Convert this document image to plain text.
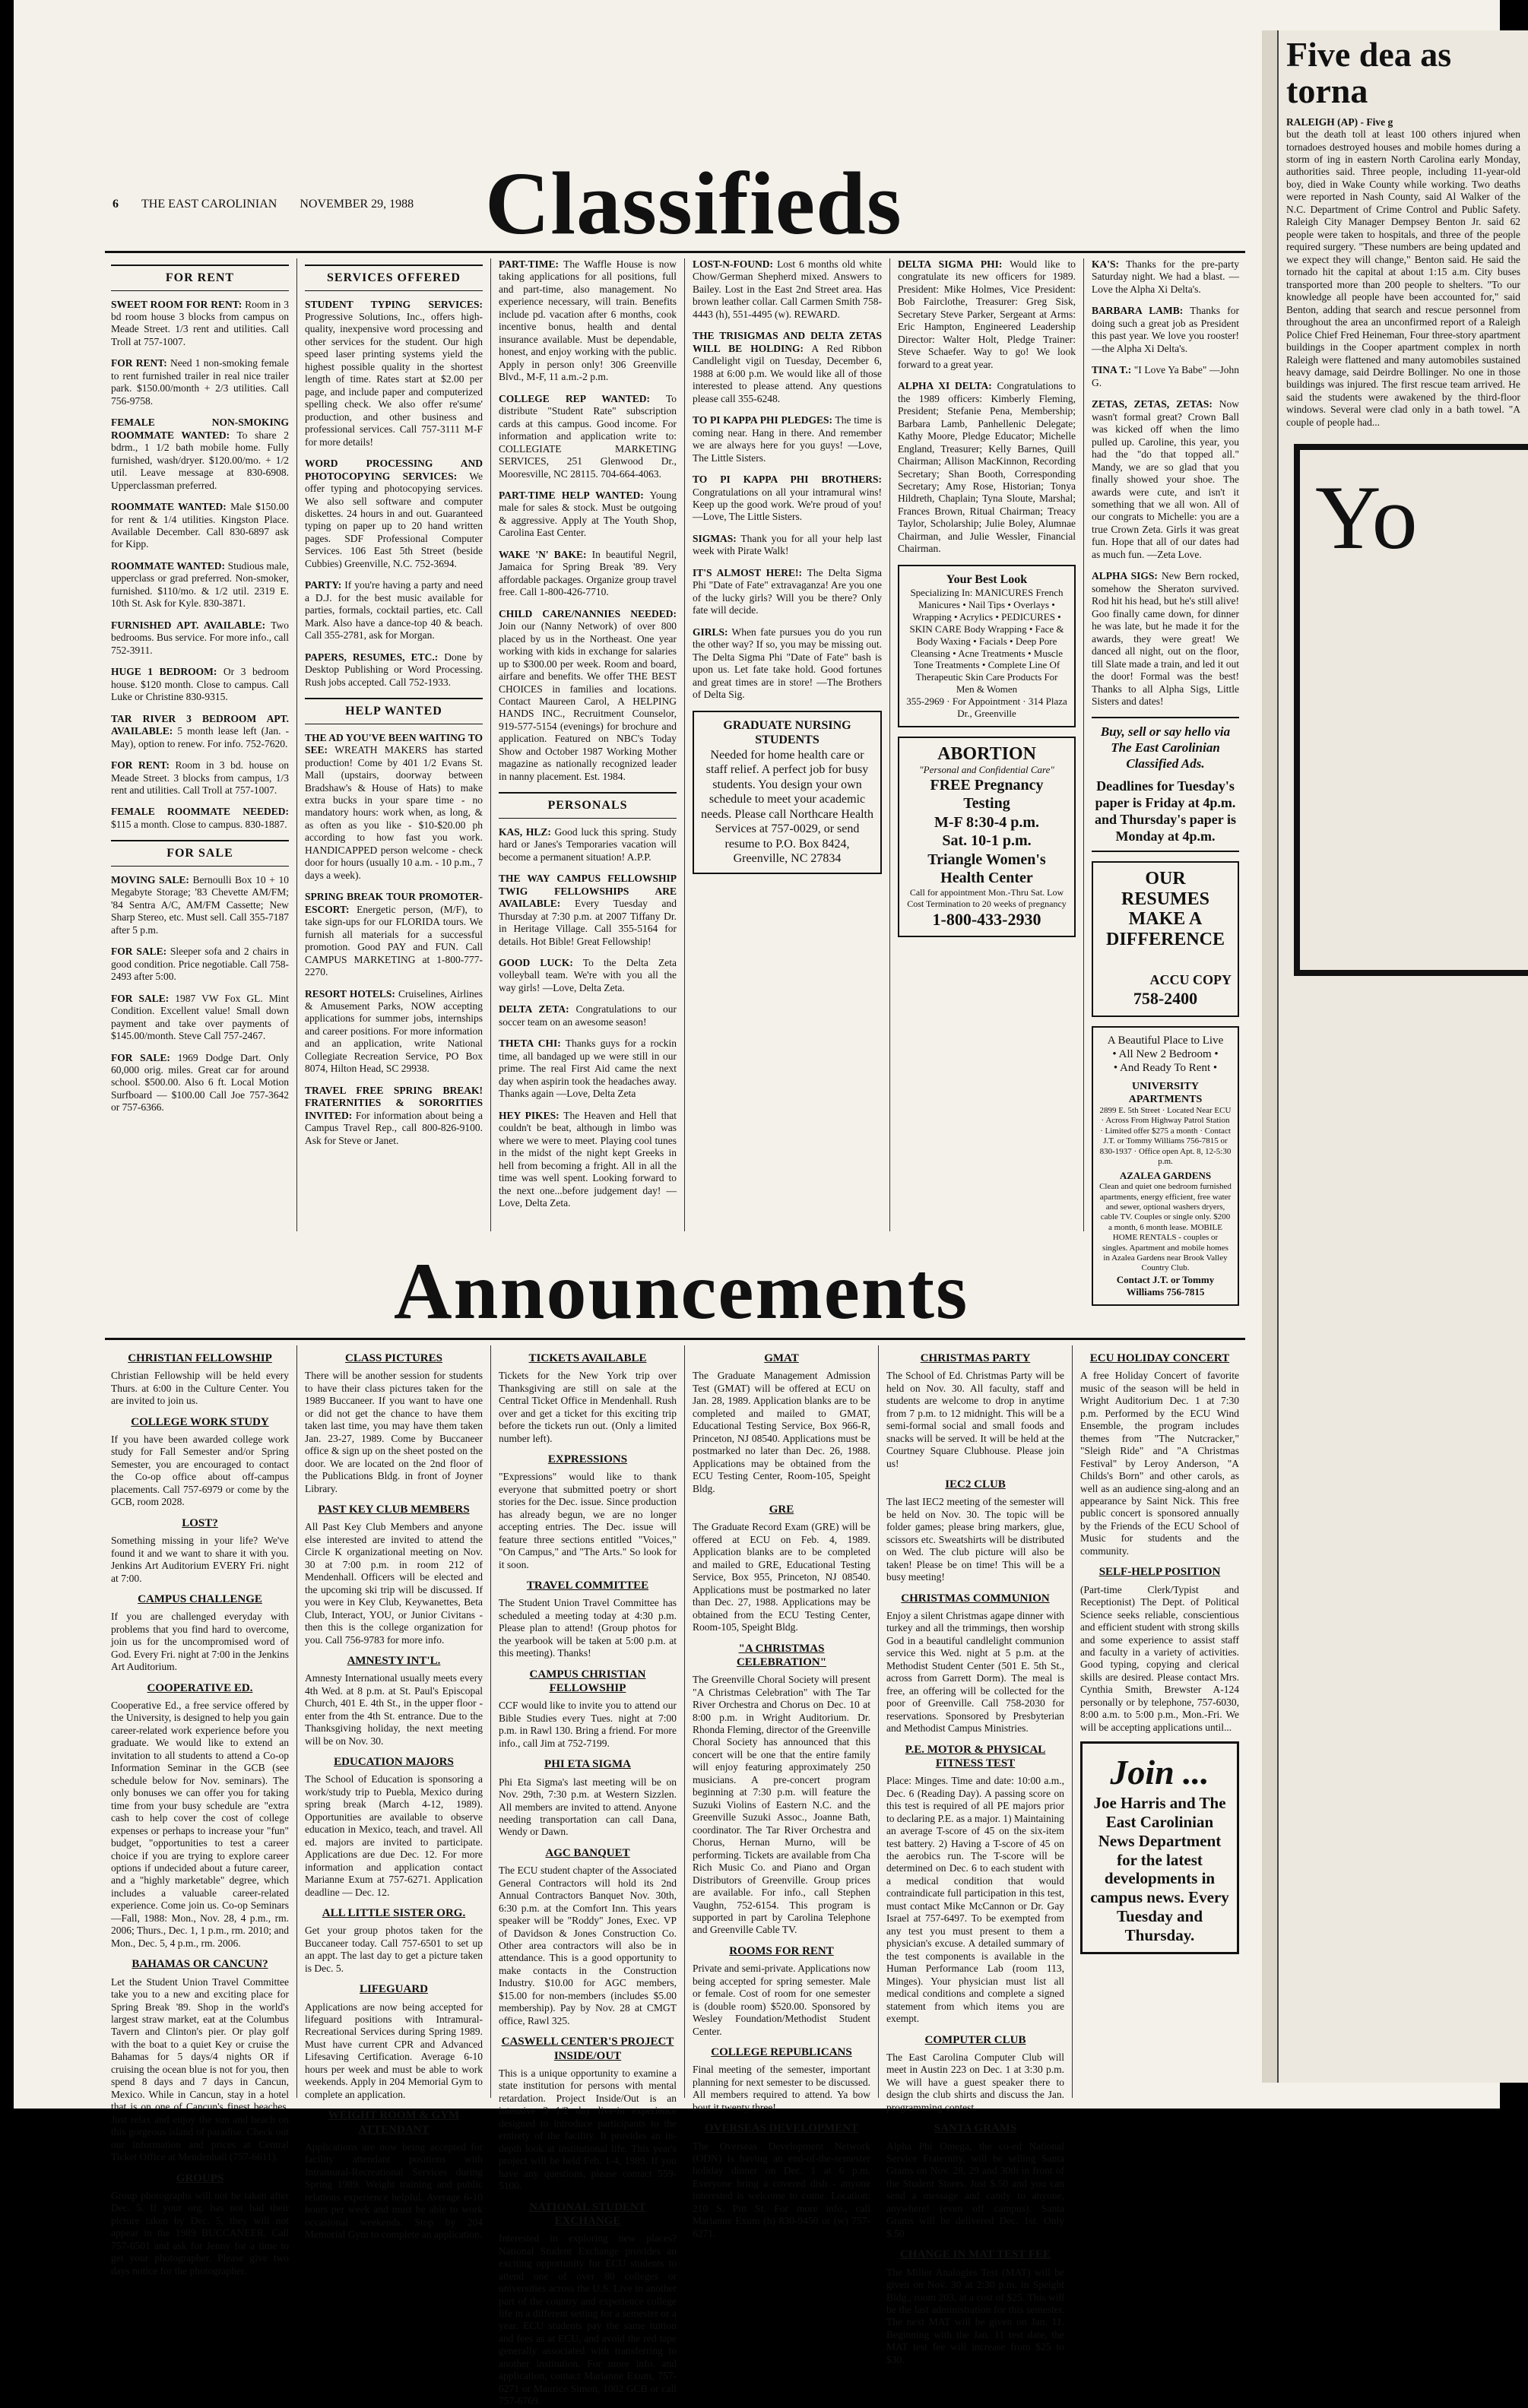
6 THE EAST CAROLINIAN NOVEMBER 29, 1988 Classifieds
FOR RENT
SWEET ROOM FOR RENT: Room in 3 bd room house 3 blocks from campus on Meade Street. 1/3 rent and utilities. Call Troll at 757-1007.
FOR RENT: Need 1 non-smoking female to rent furnished trailer in real nice trailer park. $150.00/month + 2/3 utilities. Call 756-9758.
FEMALE NON-SMOKING ROOMMATE WANTED: To share 2 bdrm., 1 1/2 bath mobile home. Fully furnished, wash/dryer. $120.00/mo. + 1/2 util. Leave message at 830-6908. Upperclassman preferred.
ROOMMATE WANTED: Male $150.00 for rent & 1/4 utilities. Kingston Place. Available December. Call 830-6897 ask for Kipp.
ROOMMATE WANTED: Studious male, upperclass or grad preferred. Non-smoker, furnished. $110/mo. & 1/2 util. 2319 E. 10th St. Ask for Kyle. 830-3871.
FURNISHED APT. AVAILABLE: Two bedrooms. Bus service. For more info., call 752-3911.
HUGE 1 BEDROOM: Or 3 bedroom house. $120 month. Close to campus. Call Luke or Christine 830-9315.
TAR RIVER 3 BEDROOM APT. AVAILABLE: 5 month lease left (Jan. - May), option to renew. For info. 752-7620.
FOR RENT: Room in 3 bd. house on Meade Street. 3 blocks from campus, 1/3 rent and utilities. Call Troll at 757-1007.
FEMALE ROOMMATE NEEDED: $115 a month. Close to campus. 830-1887.
FOR SALE
MOVING SALE: Bernoulli Box 10 + 10 Megabyte Storage; '83 Chevette AM/FM; '84 Sentra A/C, AM/FM Cassette; New Sharp Stereo, etc. Must sell. Call 355-7187 after 5 p.m.
FOR SALE: Sleeper sofa and 2 chairs in good condition. Price negotiable. Call 758-2493 after 5:00.
FOR SALE: 1987 VW Fox GL. Mint Condition. Excellent value! Small down payment and take over payments of $145.00/month. Steve Call 757-2467.
FOR SALE: 1969 Dodge Dart. Only 60,000 orig. miles. Great car for around school. $500.00. Also 6 ft. Local Motion Surfboard — $100.00 Call Joe 757-3642 or 757-6366.
SERVICES OFFERED
STUDENT TYPING SERVICES: Progressive Solutions, Inc., offers high-quality, inexpensive word processing and other services for the student. Our high speed laser printing systems yield the highest possible quality in the shortest length of time. Rates start at $2.00 per page, and include paper and computerized spelling check. We also offer re'sume' production, and other business and professional services. Call 757-3111 M-F for more details!
WORD PROCESSING AND PHOTOCOPYING SERVICES: We offer typing and photocopying services. We also sell software and computer diskettes. 24 hours in and out. Guaranteed typing on paper up to 20 hand written pages. SDF Professional Computer Services. 106 East 5th Street (beside Cubbies) Greenville, N.C. 752-3694.
PARTY: If you're having a party and need a D.J. for the best music available for parties, formals, cocktail parties, etc. Call Mark. Also have a dance-top 40 & beach. Call 355-2781, ask for Morgan.
PAPERS, RESUMES, ETC.: Done by Desktop Publishing or Word Processing. Rush jobs accepted. Call 752-1933.
HELP WANTED
THE AD YOU'VE BEEN WAITING TO SEE: WREATH MAKERS has started production! Come by 401 1/2 Evans St. Mall (upstairs, doorway between Bradshaw's & House of Hats) to make extra bucks in your spare time - no mandatory hours: work when, as long, & as often as you like - $10-$20.00 ph according to how fast you work. HANDICAPPED person welcome - check door for hours (usually 10 a.m. - 10 p.m., 7 days a week).
SPRING BREAK TOUR PROMOTER-ESCORT: Energetic person, (M/F), to take sign-ups for our FLORIDA tours. We furnish all materials for a successful promotion. Good PAY and FUN. Call CAMPUS MARKETING at 1-800-777-2270.
RESORT HOTELS: Cruiselines, Airlines & Amusement Parks, NOW accepting applications for summer jobs, internships and career positions. For more information and an application, write National Collegiate Recreation Service, PO Box 8074, Hilton Head, SC 29938.
TRAVEL FREE SPRING BREAK! FRATERNITIES & SORORITIES INVITED: For information about being a Campus Travel Rep., call 800-826-9100. Ask for Steve or Janet.
PART-TIME: The Waffle House is now taking applications for all positions, full and part-time, also management. No experience necessary, will train. Benefits include pd. vacation after 6 months, cook incentive bonus, health and dental insurance available. Must be dependable, honest, and enjoy working with the public. Apply in person only! 306 Greenville Blvd., M-F, 11 a.m.-2 p.m.
COLLEGE REP WANTED: To distribute "Student Rate" subscription cards at this campus. Good income. For information and application write to: COLLEGIATE MARKETING SERVICES, 251 Glenwood Dr., Mooresville, NC 28115. 704-664-4063.
PART-TIME HELP WANTED: Young male for sales & stock. Must be outgoing & aggressive. Apply at The Youth Shop, Carolina East Center.
WAKE 'N' BAKE: In beautiful Negril, Jamaica for Spring Break '89. Very affordable packages. Organize group travel free. Call 1-800-426-7710.
CHILD CARE/NANNIES NEEDED: Join our (Nanny Network) of over 800 placed by us in the Northeast. One year working with kids in exchange for salaries up to $300.00 per week. Room and board, airfare and benefits. We offer THE BEST CHOICES in families and locations. Contact Maureen Carol, A HELPING HANDS INC., Recruitment Counselor, 919-577-5154 (evenings) for brochure and application. Featured on NBC's Today Show and October 1987 Working Mother magazine as nationally recognized leader in nanny placement. Est. 1984.
PERSONALS
KAS, HLZ: Good luck this spring. Study hard or Janes's Temporaries vacation will become a permanent situation! A.P.P.
THE WAY CAMPUS FELLOWSHIP TWIG FELLOWSHIPS ARE AVAILABLE: Every Tuesday and Thursday at 7:30 p.m. at 2007 Tiffany Dr. in Heritage Village. Call 355-5164 for details. Hot Bible! Great Fellowship!
GOOD LUCK: To the Delta Zeta volleyball team. We're with you all the way girls! —Love, Delta Zeta.
DELTA ZETA: Congratulations to our soccer team on an awesome season!
THETA CHI: Thanks guys for a rockin time, all bandaged up we were still in our prime. The real First Aid came the next day when aspirin took the headaches away. Thanks again —Love, Delta Zeta
HEY PIKES: The Heaven and Hell that couldn't be beat, although in limbo was where we were to meet. Playing cool tunes in the midst of the night kept Greeks in hell from becoming a fright. All in all the time was well spent. Looking forward to the next one...before judgement day! —Love, Delta Zeta.
LOST-N-FOUND: Lost 6 months old white Chow/German Shepherd mixed. Answers to Bailey. Lost in the East 2nd Street area. Has brown leather collar. Call Carmen Smith 758-4443 (h), 551-4495 (w). REWARD.
THE TRISIGMAS AND DELTA ZETAS WILL BE HOLDING: A Red Ribbon Candlelight vigil on Tuesday, December 6, 1988 at 6:00 p.m. We would like all of those interested to please attend. Any questions please call 355-6248.
TO PI KAPPA PHI PLEDGES: The time is coming near. Hang in there. And remember we are always here for you guys! —Love, The Little Sisters.
TO PI KAPPA PHI BROTHERS: Congratulations on all your intramural wins! Keep up the good work. We're proud of you! —Love, The Little Sisters.
SIGMAS: Thank you for all your help last week with Pirate Walk!
IT'S ALMOST HERE!: The Delta Sigma Phi "Date of Fate" extravaganza! Are you one of the lucky girls? Will you be there? Only fate will decide.
GIRLS: When fate pursues you do you run the other way? If so, you may be missing out. The Delta Sigma Phi "Date of Fate" bash is upon us. Let fate take hold. Good fortunes and great times are in store! —The Brothers of Delta Sig.
GRADUATE NURSING STUDENTS
Needed for home health care or staff relief. A perfect job for busy students. You design your own schedule to meet your academic needs. Please call Northcare Health Services at 757-0029, or send resume to P.O. Box 8424, Greenville, NC 27834
DELTA SIGMA PHI: Would like to congratulate its new officers for 1989. President: Mike Holmes, Vice President: Bob Fairclothe, Treasurer: Greg Sisk, Secretary Steve Parker, Sergeant at Arms: Eric Hampton, Engineered Leadership Director: Walter Holt, Pledge Trainer: Steve Schaefer. Way to go! We look forward to a great year.
ALPHA XI DELTA: Congratulations to the 1989 officers: Kimberly Fleming, President; Stefanie Pena, Membership; Barbara Lamb, Panhellenic Delegate; Kathy Moore, Pledge Educator; Michelle England, Treasurer; Kelly Barnes, Quill Chairman; Allison MacKinnon, Recording Secretary; Shan Booth, Corresponding Secretary; Amy Rose, Historian; Tonya Hildreth, Chaplain; Tyna Sloute, Marshal; Frances Brown, Ritual Chairman; Treacy Taylor, Scholarship; Julie Boley, Alumnae Chairman, and Julie Wessler, Financial Chairman.
Your Best Look
Specializing In: MANICURES French Manicures • Nail Tips • Overlays • Wrapping • Acrylics • PEDICURES • SKIN CARE Body Wrapping • Face & Body Waxing • Facials • Deep Pore Cleansing • Acne Treatments • Muscle Tone Treatments • Complete Line Of Therapeutic Skin Care Products For Men & Women
355-2969 · For Appointment · 314 Plaza Dr., Greenville
ABORTION
"Personal and Confidential Care"
FREE Pregnancy Testing
M-F 8:30-4 p.m.
Sat. 10-1 p.m.
Triangle Women's Health Center
Call for appointment Mon.-Thru Sat. Low Cost Termination to 20 weeks of pregnancy
1-800-433-2930
KA'S: Thanks for the pre-party Saturday night. We had a blast. —Love the Alpha Xi Delta's.
BARBARA LAMB: Thanks for doing such a great job as President this past year. We love you rooster! —the Alpha Xi Delta's.
TINA T.: "I Love Ya Babe" —John G.
ZETAS, ZETAS, ZETAS: Now wasn't formal great? Crown Ball was kicked off when the limo pulled up. Caroline, this year, you had the "do that topped all." Mandy, we are so glad that you finally showed your shoe. The awards were cute, and isn't it something that we all won. All of our congrats to Michelle: you are a true Crown Zeta. Girls it was great fun. Hope that all of our dates had as much fun. —Zeta Love.
ALPHA SIGS: New Bern rocked, somehow the Sheraton survived. Rod hit his head, but he's still alive! Goo finally came down, for dinner he was late, but he made it for the awards, they were great! We danced all night, out on the floor, till Slate made a train, and led it out the door! Formal was the best! Thanks to all Alpha Sigs, Little Sisters and dates!
Buy, sell or say hello via The East Carolinian Classified Ads.
Deadlines for Tuesday's paper is Friday at 4p.m. and Thursday's paper is Monday at 4p.m.
OUR RESUMES
MAKE A
DIFFERENCE
ACCU COPY
758-2400
A Beautiful Place to Live
• All New 2 Bedroom •
• And Ready To Rent •
UNIVERSITY APARTMENTS
2899 E. 5th Street · Located Near ECU · Across From Highway Patrol Station · Limited offer $275 a month · Contact J.T. or Tommy Williams 756-7815 or 830-1937 · Office open Apt. 8, 12-5:30 p.m.
AZALEA GARDENS
Clean and quiet one bedroom furnished apartments, energy efficient, free water and sewer, optional washers dryers, cable TV. Couples or single only. $200 a month, 6 month lease. MOBILE HOME RENTALS - couples or singles. Apartment and mobile homes in Azalea Gardens near Brook Valley Country Club.
Contact J.T. or Tommy Williams 756-7815
Announcements
CHRISTIAN FELLOWSHIP
Christian Fellowship will be held every Thurs. at 6:00 in the Culture Center. You are invited to join us.
COLLEGE WORK STUDY
If you have been awarded college work study for Fall Semester and/or Spring Semester, you are encouraged to contact the Co-op office about off-campus placements. Call 757-6979 or come by the GCB, room 2028.
LOST?
Something missing in your life? We've found it and we want to share it with you. Jenkins Art Auditorium EVERY Fri. night at 7:00.
CAMPUS CHALLENGE
If you are challenged everyday with problems that you find hard to overcome, join us for the uncompromised word of God. Every Fri. night at 7:00 in the Jenkins Art Auditorium.
COOPERATIVE ED.
Cooperative Ed., a free service offered by the University, is designed to help you gain career-related work experience before you graduate. We would like to extend an invitation to all students to attend a Co-op Information Seminar in the GCB (see schedule below for Nov. seminars). The only bonuses we can offer you for taking time from your busy schedule are "extra cash to help cover the cost of college expenses or perhaps to increase your "fun" budget, "opportunities to test a career choice if you are trying to explore career options if undecided about a future career, and a "highly marketable" degree, which includes a valuable career-related experience. Come join us. Co-op Seminars—Fall, 1988: Mon., Nov. 28, 4 p.m., rm. 2006; Thurs., Dec. 1, 1 p.m., rm. 2010; and Mon., Dec. 5, 4 p.m., rm. 2006.
BAHAMAS OR CANCUN?
Let the Student Union Travel Committee take you to a new and exciting place for Spring Break '89. Shop in the world's largest straw market, eat at the Columbus Tavern and Clinton's pier. Or play golf with the boat to a quiet Key or cruise the Bahamas for 5 days/4 nights OR if cruising the ocean blue is not for you, then spend 8 days and 7 days in Cancun, Mexico. While in Cancun, stay in a hotel that is on one of Cancun's finest beaches. Just relax and enjoy the sun and beach on this gorgeous island of paradise. Check out our information and prices at Central Ticket Office at Mendenhall (757-6611).
GROUPS
Group photographs will not be taken after Dec. 5. If your org. has not had their picture taken by Dec. 5, they will not appear in the 1989 BUCCANEER. Call 757-6501 and ask for Jenny for a time to get your photographer. Please give two days notice for the photographer.
CLASS PICTURES
There will be another session for students to have their class pictures taken for the 1989 Buccaneer. If you want to have one or did not get the chance to have them taken last time, you may have them taken Jan. 23-27, 1989. Come by Buccaneer office & sign up on the sheet posted on the door. We are located on the 2nd floor of the Publications Bldg. in front of Joyner Library.
PAST KEY CLUB MEMBERS
All Past Key Club Members and anyone else interested are invited to attend the Circle K organizational meeting on Nov. 30 at 7:00 p.m. in room 212 of Mendenhall. Officers will be elected and the upcoming ski trip will be discussed. If you were in Key Club, Keywanettes, Beta Club, Interact, YOU, or Junior Civitans - then this is the college organization for you. Call 756-9783 for more info.
AMNESTY INT'L.
Amnesty International usually meets every 4th Wed. at 8 p.m. at St. Paul's Episcopal Church, 401 E. 4th St., in the upper floor - enter from the 4th St. entrance. Due to the Thanksgiving holiday, the next meeting will be on Nov. 30.
EDUCATION MAJORS
The School of Education is sponsoring a work/study trip to Puebla, Mexico during spring break (March 4-12, 1989). Opportunities are available to observe education in Mexico, teach, and travel. All ed. majors are invited to participate. Applications are due Dec. 12. For more information and application contact Marianne Exum at 757-6271. Application deadline — Dec. 12.
ALL LITTLE SISTER ORG.
Get your group photos taken for the Buccaneer today. Call 757-6501 to set up an appt. The last day to get a picture taken is Dec. 5.
LIFEGUARD
Applications are now being accepted for lifeguard positions with Intramural-Recreational Services during Spring 1989. Must have current CPR and Advanced Lifesaving Certification. Average 6-10 hours per week and must be able to work weekends. Apply in 204 Memorial Gym to complete an application.
WEIGHT ROOM & GYM ATTENDANT
Applications are now being accepted for facility attendant positions with Intramural-Recreational Services during Spring 1989. Weight training and public relations experience helpful. Average 6-10 hours per week and must be able to work occasional weekends. Stop by 204 Memorial Gym to complete an application.
TICKETS AVAILABLE
Tickets for the New York trip over Thanksgiving are still on sale at the Central Ticket Office in Mendenhall. Rush over and get a ticket for this exciting trip before the tickets run out. (Only a limited number left).
EXPRESSIONS
"Expressions" would like to thank everyone that submitted poetry or short stories for the Dec. issue. Since production has already begun, we are no longer accepting entries. The Dec. issue will feature three sections entitled "Voices," "On Campus," and "The Arts." So look for it soon.
TRAVEL COMMITTEE
The Student Union Travel Committee has scheduled a meeting today at 4:30 p.m. Please plan to attend! (Group photos for the yearbook will be taken at 5:00 p.m. at this meeting). Thanks!
CAMPUS CHRISTIAN FELLOWSHIP
CCF would like to invite you to attend our Bible Studies every Tues. night at 7:00 p.m. in Rawl 130. Bring a friend. For more info., call Jim at 752-7199.
PHI ETA SIGMA
Phi Eta Sigma's last meeting will be on Nov. 29th, 7:30 p.m. at Western Sizzlen. All members are invited to attend. Anyone needing transportation can call Dana, Wendy or Dawn.
AGC BANQUET
The ECU student chapter of the Associated General Contractors will hold its 2nd Annual Contractors Banquet Nov. 30th, 6:30 p.m. at the Comfort Inn. This years speaker will be "Roddy" Jones, Exec. VP of Davidson & Jones Construction Co. Other area contractors will also be in attendance. This is a good opportunity to make contacts in the Construction Industry. $10.00 for AGC members, $15.00 for non-members (includes $5.00 membership). Pay by Nov. 28 at CMGT office, Rawl 325.
CASWELL CENTER'S PROJECT INSIDE/OUT
This is a unique opportunity to examine a state institution for persons with mental retardation. Project Inside/Out is an intensive 3 1/2 day live-in experience designed to introduce participants to the entirety of the facility. It provides an in-depth look at institutional life. This year's project will be held Feb. 1-4, 1989. If you have any questions, please contact 559-5100.
NATIONAL STUDENT EXCHANGE
Interested in exploring new places? National Student Exchange provides an exciting opportunity for ECU students to attend one of over 80 colleges or universities across the U.S. Live in another part of the country and experience college life in a different setting for a semester or a year. ECU students pay the same tuition and fees as at ECU, and avoid the red tape generally associated with transferring to another institution. For more info. and application, contact Marianne Exum, 757-6271 or Maurice Simon, 1002 GCB or call 757-6769.
GMAT
The Graduate Management Admission Test (GMAT) will be offered at ECU on Jan. 28, 1989. Application blanks are to be completed and mailed to GMAT, Educational Testing Service, Box 966-R, Princeton, NJ 08540. Applications must be postmarked no later than Dec. 26, 1988. Applications may be obtained from the ECU Testing Center, Room-105, Speight Bldg.
GRE
The Graduate Record Exam (GRE) will be offered at ECU on Feb. 4, 1989. Application blanks are to be completed and mailed to GRE, Educational Testing Service, Box 955, Princeton, NJ 08540. Applications must be postmarked no later than Dec. 27, 1988. Applications may be obtained from the ECU Testing Center, Room-105, Speight Bldg.
"A CHRISTMAS CELEBRATION"
The Greenville Choral Society will present "A Christmas Celebration" with The Tar River Orchestra and Chorus on Dec. 10 at 8:00 p.m. in Wright Auditorium. Dr. Rhonda Fleming, director of the Greenville Choral Society has announced that this concert will be one that the entire family will enjoy featuring approximately 250 musicians. A pre-concert program beginning at 7:30 p.m. will feature the Suzuki Violins of Eastern N.C. and the Greenville Suzuki Assoc., Joanne Bath, coordinator. The Tar River Orchestra and Chorus, Hernan Murno, will be performing. Tickets are available from Cha Rich Music Co. and Piano and Organ Distributors of Greenville. Group prices are available. For info., call Stephen Vaughn, 752-6154. This program is supported in part by Carolina Telephone and Greenville Cable TV.
ROOMS FOR RENT
Private and semi-private. Applications now being accepted for spring semester. Male or female. Cost of room for one semester is (double room) $520.00. Sponsored by Wesley Foundation/Methodist Student Center.
COLLEGE REPUBLICANS
Final meeting of the semester, important planning for next semester to be discussed. All members required to attend. Ya bow bout it twenty three!
OVERSEAS DEVELOPMENT
The Overseas Development Network (ODN) is having an end-of-the-semester holiday dinner on Dec. 1 at 6 p.m. Everyone bring a covered dish - anyone interested is welcome to come. Location: 210 S. Pitt St. For more info., call Marianne Exum (h) 830-9450 or (w) 757-6271.
CHRISTMAS PARTY
The School of Ed. Christmas Party will be held on Nov. 30. All faculty, staff and students are welcome to drop in anytime from 7 p.m. to 12 midnight. This will be a semi-formal social and small foods and snacks will be served. It will be held at the Courtney Square Clubhouse. Please join us!
IEC2 CLUB
The last IEC2 meeting of the semester will be held on Nov. 30. The topic will be folder games; please bring markers, glue, scissors etc. Sweatshirts will be distributed on Wed. The club picture will also be taken! Please be on time! This will be a busy meeting!
CHRISTMAS COMMUNION
Enjoy a silent Christmas agape dinner with turkey and all the trimmings, then worship God in a beautiful candlelight communion service this Wed. night at 5 p.m. at the Methodist Student Center (501 E. 5th St., across from Garrett Dorm). The meal is free, an offering will be collected for the poor of Greenville. Call 758-2030 for reservations. Sponsored by Presbyterian and Methodist Campus Ministries.
P.E. MOTOR & PHYSICAL FITNESS TEST
Place: Minges. Time and date: 10:00 a.m., Dec. 6 (Reading Day). A passing score on this test is required of all PE majors prior to declaring P.E. as a major. 1) Maintaining an average T-score of 45 on the six-item test battery. 2) Having a T-score of 45 on the aerobics run. The T-score will be determined on Dec. 6 to each student with a medical condition that would contraindicate full participation in this test, must contact Mike McCannon or Dr. Gay Israel at 757-6497. To be exempted from any test you must present to them a physician's excuse. A detailed summary of the test components is available in the Human Performance Lab (room 113, Minges). Your physician must list all medical conditions and complete a signed statement from which items you are exempt.
COMPUTER CLUB
The East Carolina Computer Club will meet in Austin 223 on Dec. 1 at 3:30 p.m. We will have a guest speaker there to design the club shirts and discuss the Jan. programming contest.
SANTA GRAMS
Alpha Phi Omega, the co-ed National Service Fraternity, will be selling Santa Grams on Nov. 28, 29 and 30th in front of the Student Stores. Just $.50 and you can send a message and candy to anyone, anywhere! (even off campus). Santa Grams will be delivered Dec. 1st. Only $.50
CHANGE IN MAT TEST FEE
The Miller Analogies Test (MAT) will be given on Nov. 30 at 2:30 p.m. in Speight Bldg., room 203, at a cost of $25. This will be the last administration for this semester. The next MAT will be given on Jan. 11. Beginning with the Jan. 11 test date, the MAT test fee will increase from $25 to $30.
ECU HOLIDAY CONCERT
A free Holiday Concert of favorite music of the season will be held in Wright Auditorium Dec. 1 at 7:30 p.m. Performed by the ECU Wind Ensemble, the program includes themes from "The Nutcracker," "Sleigh Ride" and "A Christmas Festival" by Leroy Anderson, "A Childs's Born" and other carols, as well as an audience sing-along and an appearance by Saint Nick. This free public concert is sponsored annually by the Friends of the ECU School of Music for students and the community.
SELF-HELP POSITION
(Part-time Clerk/Typist and Receptionist) The Dept. of Political Science seeks reliable, conscientious and efficient student with strong skills and some experience to assist staff and faculty in a variety of activities. Good typing, copying and clerical skills are desired. Please contact Mrs. Cynthia Smith, Brewster A-124 personally or by telephone, 757-6030, 8:00 a.m. to 5:00 p.m., Mon.-Fri. We will be accepting applications until...
Join ...
Joe Harris and The East Carolinian News Department for the latest developments in campus news. Every Tuesday and Thursday.
Five dea as torna
RALEIGH (AP) - Five g
but the death toll at least 100 others injured when tornadoes destroyed houses and mobile homes during a storm of ing in eastern North Carolina early Monday, authorities said. Three people, including 11-year-old boy, died in Wake County while working. Two deaths were reported in Nash County, said Al Walker of the N.C. Department of Crime Control and Public Safety. Raleigh City Manager Dempsey Benton Jr. said 62 people were taken to hospitals, and three of the people required surgery. "These numbers are being updated and we expect they will change," Benton said. He said the tornado hit the capital at about 1:15 a.m. City buses transported more than 200 people to shelters. "To our knowledge all people have been accounted for," said Benton, adding that search and rescue personnel from throughout the area an unconfirmed report of a Raleigh Police Chief Fred Heineman, Four three-story apartment buildings in the Cooper apartment complex in north Raleigh were flattened and many automobiles sustained heavy damage, said Deirdre Bollinger. No one in those buildings was injured. The first rescue team arrived. He said the students were awakened by the third-floor windows. Several were clad only in a bath towel. "A couple of people had...
Yo
